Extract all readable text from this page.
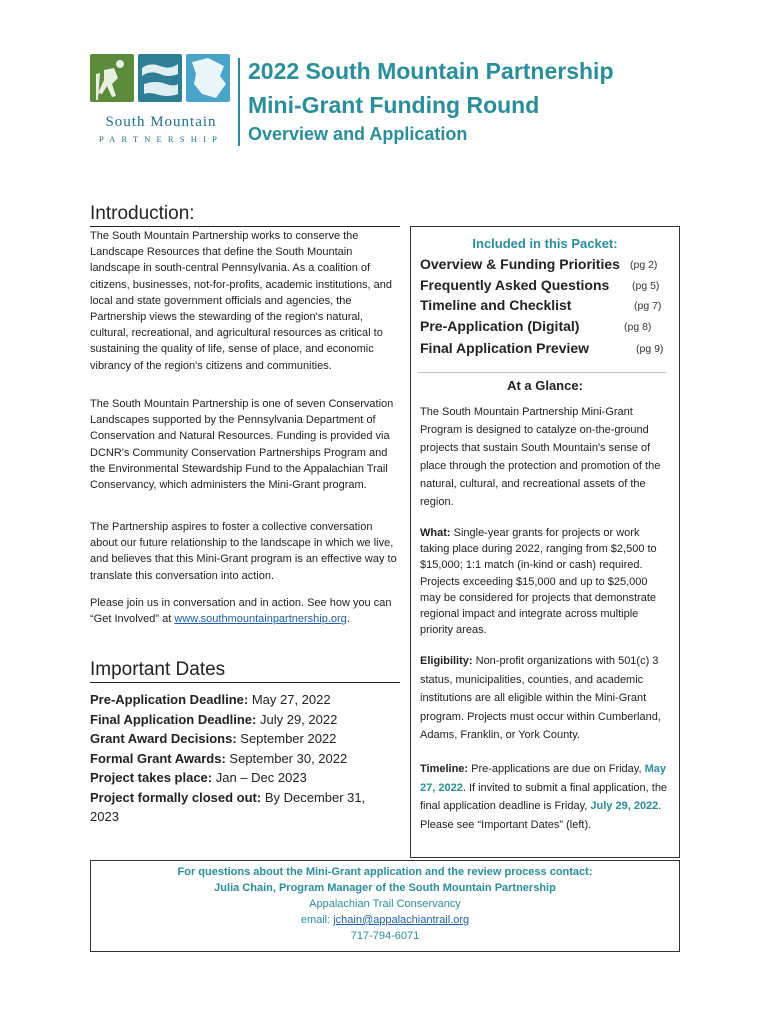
South Mountain
PARTNERSHIP
2022 South Mountain Partnership
Mini-Grant Funding Round
Overview and Application
Introduction:

The South Mountain Partnership works to conserve the Landscape Resources that define the South Mountain landscape in south-central Pennsylvania. As a coalition of citizens, businesses, not-for-profits, academic institutions, and local and state government officials and agencies, the Partnership views the stewarding of the region's natural, cultural, recreational, and agricultural resources as critical to sustaining the quality of life, sense of place, and economic vibrancy of the region's citizens and communities.

The South Mountain Partnership is one of seven Conservation Landscapes supported by the Pennsylvania Department of Conservation and Natural Resources. Funding is provided via DCNR's Community Conservation Partnerships Program and the Environmental Stewardship Fund to the Appalachian Trail Conservancy, which administers the Mini-Grant program.

The Partnership aspires to foster a collective conversation about our future relationship to the landscape in which we live, and believes that this Mini-Grant program is an effective way to translate this conversation into action.

Please join us in conversation and in action. See how you can “Get Involved” at www.southmountainpartnership.org.

Important Dates
Pre-Application Deadline: May 27, 2022
Final Application Deadline: July 29, 2022
Grant Award Decisions: September 2022
Formal Grant Awards: September 30, 2022
Project takes place: Jan – Dec 2023
Project formally closed out: By December 31, 2023
Included in this Packet:
Overview & Funding Priorities (pg 2)
Frequently Asked Questions (pg 5)
Timeline and Checklist	(pg 7)
Pre-Application (Digital)	(pg 8)
Final Application Preview	(pg 9)
At a Glance:

The South Mountain Partnership Mini-Grant Program is designed to catalyze on-the-ground projects that sustain South Mountain's sense of place through the protection and promotion of the natural, cultural, and recreational assets of the region.

What: Single-year grants for projects or work taking place during 2022, ranging from $2,500 to $15,000; 1:1 match (in-kind or cash) required. Projects exceeding $15,000 and up to $25,000 may be considered for projects that demonstrate regional impact and integrate across multiple priority areas.

Eligibility: Non-profit organizations with 501(c) 3 status, municipalities, counties, and academic institutions are all eligible within the Mini-Grant program. Projects must occur within Cumberland, Adams, Franklin, or York County.

Timeline: Pre-applications are due on Friday, May 27, 2022. If invited to submit a final application, the final application deadline is Friday, July 29, 2022. Please see “Important Dates” (left).

For questions about the Mini-Grant application and the review process contact:
Julia Chain, Program Manager of the South Mountain Partnership
Appalachian Trail Conservancy
email: jchain@appalachiantrail.org
717-794-6071
